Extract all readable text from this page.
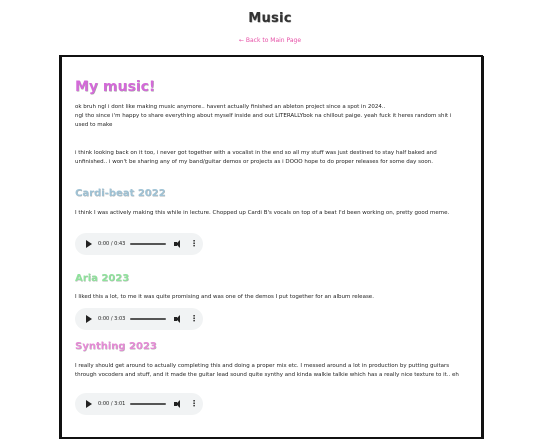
Music
← Back to Main Page
My music!

ok bruh ngl i dont like making music anymore.. havent actually finished an ableton project since a spot in 2024..

ngl tho since i'm happy to share everything about myself inside and out LITERALLYbok na chillout paige. yeah fuck it heres random shit i used to make

i think looking back on it too, i never got together with a vocalist in the end so all my stuff was just destined to stay half baked and unfinished.. i won't be sharing any of my band/guitar demos or projects as i DOOO hope to do proper releases for some day soon.

Cardi-beat 2022

I think I was actively making this while in lecture. Chopped up Cardi B's vocals on top of a beat I'd been working on, pretty good meme.

0:00 / 0:43	⋮
Aria 2023

I liked this a lot, to me it was quite promising and was one of the demos I put together for an album release.

0:00 / 3:03	⋮
Synthing 2023

I really should get around to actually completing this and doing a proper mix etc. I messed around a lot in production by putting guitars through vocoders and stuff, and it made the guitar lead sound quite synthy and kinda walkie talkie which has a really nice texture to it.. eh

0:00 / 3:01	⋮
